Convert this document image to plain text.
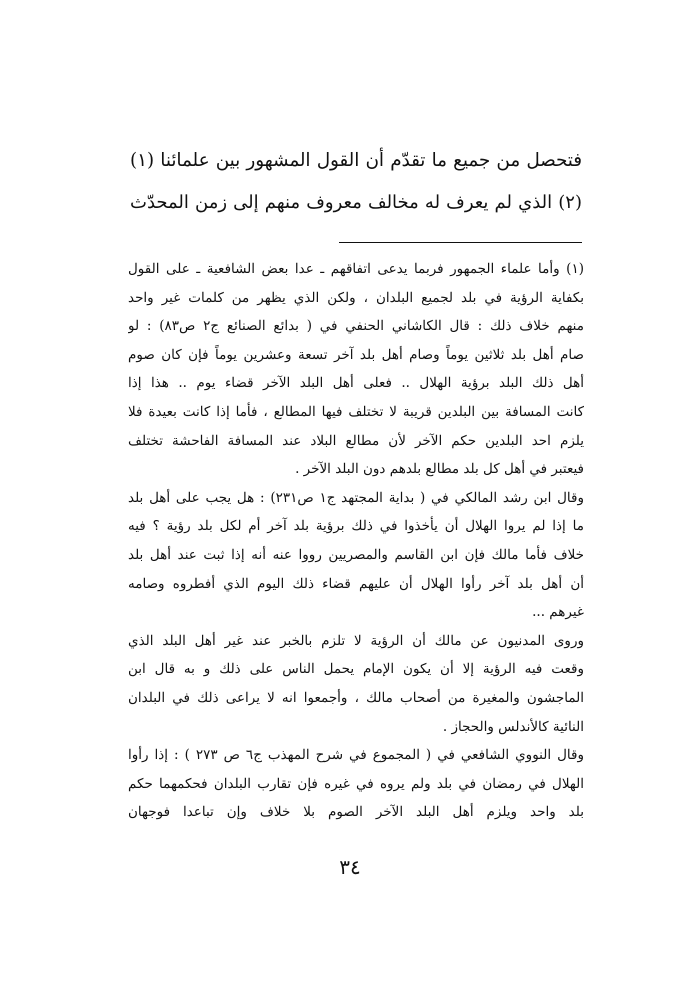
فتحصل من جميع ما تقدّم أن القول المشهور بين علمائنا (١)
(٢) الذي لم يعرف له مخالف معروف منهم إلى زمن المحدّث
(١) وأما علماء الجمهور فربما يدعى اتفاقهم ـ عدا بعض الشافعية ـ على القول
بكفاية الرؤية في بلد لجميع البلدان ، ولكن الذي يظهر من كلمات غير واحد
منهم خلاف ذلك : قال الكاشاني الحنفي في ( بدائع الصنائع ج٢ ص٨٣) : لو
صام أهل بلد ثلاثين يوماً وصام أهل بلد آخر تسعة وعشرين يوماً فإن كان صوم
أهل ذلك البلد برؤية الهلال .. فعلى أهل البلد الآخر قضاء يوم .. هذا إذا
كانت المسافة بين البلدين قريبة لا تختلف فيها المطالع ، فأما إذا كانت بعيدة فلا
يلزم احد البلدين حكم الآخر لأن مطالع البلاد عند المسافة الفاحشة تختلف
فيعتبر في أهل كل بلد مطالع بلدهم دون البلد الآخر .
وقال ابن رشد المالكي في ( بداية المجتهد ج١ ص٢٣١) : هل يجب على أهل بلد
ما إذا لم يروا الهلال أن يأخذوا في ذلك برؤية بلد آخر أم لكل بلد رؤية ؟ فيه
خلاف فأما مالك فإن ابن القاسم والمصريين رووا عنه أنه إذا ثبت عند أهل بلد
أن أهل بلد آخر رأوا الهلال أن عليهم قضاء ذلك اليوم الذي أفطروه وصامه
غيرهم ...
وروى المدنيون عن مالك أن الرؤية لا تلزم بالخبر عند غير أهل البلد الذي
وقعت فيه الرؤية إلا أن يكون الإمام يحمل الناس على ذلك و به قال ابن
الماجشون والمغيرة من أصحاب مالك ، وأجمعوا انه لا يراعى ذلك في البلدان
النائية كالأندلس والحجاز .
وقال النووي الشافعي في ( المجموع في شرح المهذب ج٦ ص ٢٧٣ ) : إذا رأوا
الهلال في رمضان في بلد ولم يروه في غيره فإن تقارب البلدان فحكمهما حكم
بلد واحد ويلزم أهل البلد الآخر الصوم بلا خلاف وإن تباعدا فوجهان
٣٤
